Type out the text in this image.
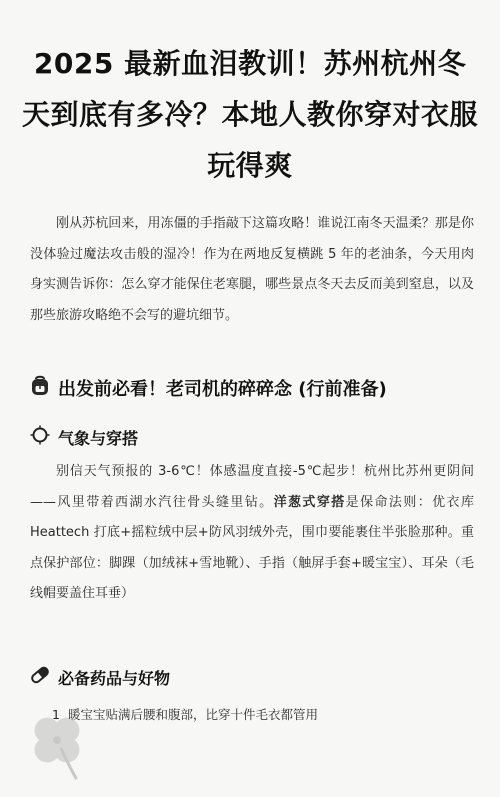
2025 最新血泪教训！苏州杭州冬天到底有多冷？本地人教你穿对衣服玩得爽

刚从苏杭回来，用冻僵的手指敲下这篇攻略！谁说江南冬天温柔？那是你没体验过魔法攻击般的湿冷！作为在两地反复横跳 5 年的老油条，今天用肉身实测告诉你：怎么穿才能保住老寒腿，哪些景点冬天去反而美到窒息，以及那些旅游攻略绝不会写的避坑细节。

出发前必看！老司机的碎碎念 (行前准备)
气象与穿搭

别信天气预报的 3-6℃！体感温度直接-5℃起步！杭州比苏州更阴间——风里带着西湖水汽往骨头缝里钻。洋葱式穿搭是保命法则：优衣库 Heattech 打底+摇粒绒中层+防风羽绒外壳，围巾要能裹住半张脸那种。重点保护部位：脚踝（加绒袜+雪地靴）、手指（触屏手套+暖宝宝）、耳朵（毛线帽要盖住耳垂）

必备药品与好物
1 暖宝宝贴满后腰和腹部，比穿十件毛衣都管用
